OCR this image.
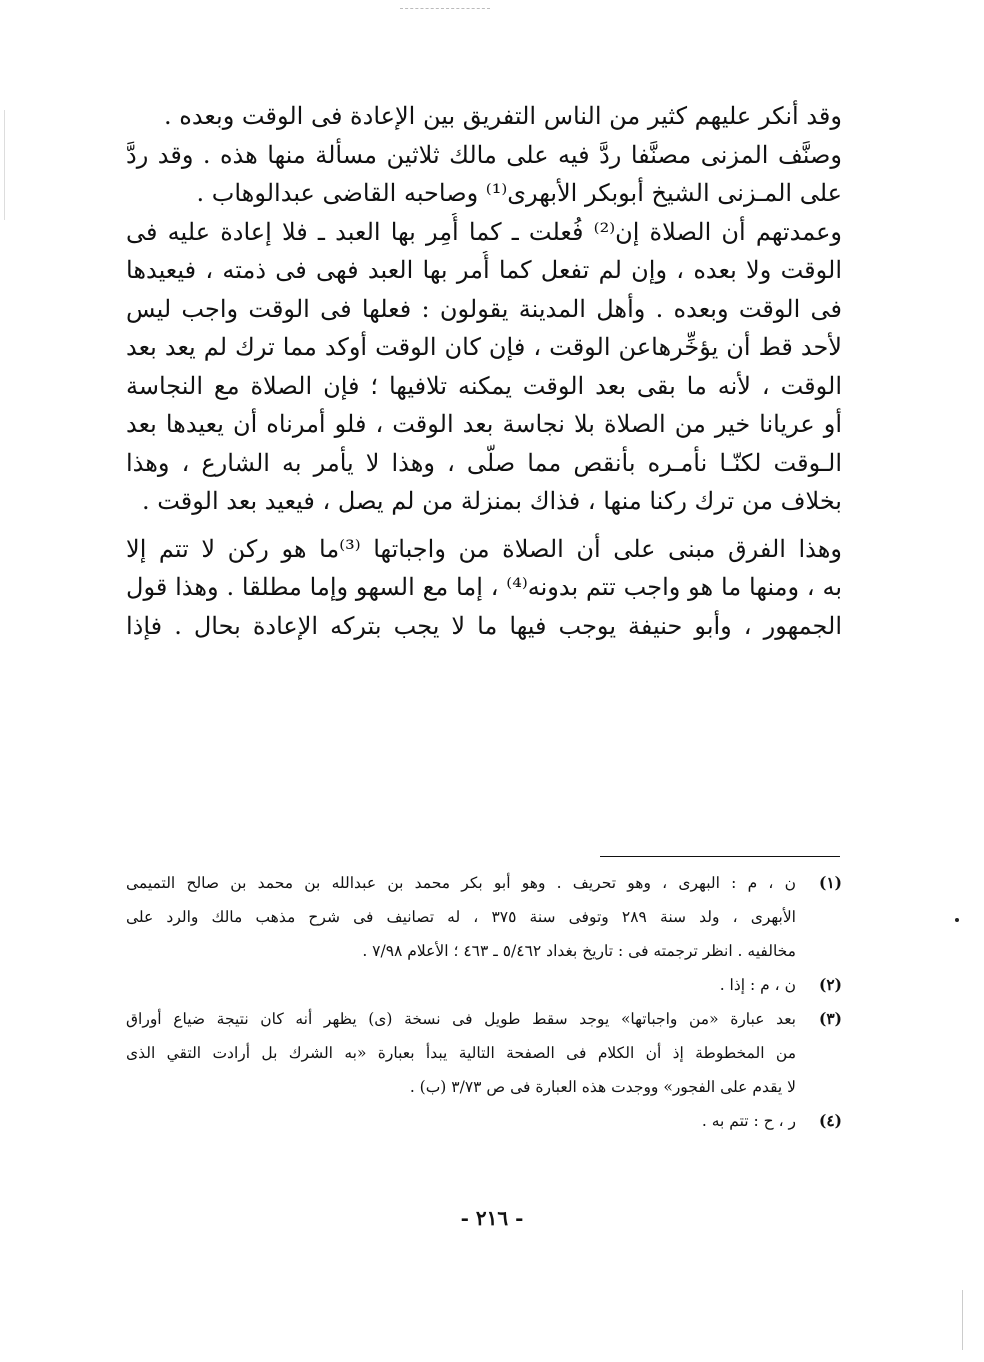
وقد أنكر عليهم كثير من الناس التفريق بين الإعادة فى الوقت وبعده .
وصنَّف المزنى مصنَّفا ردَّ فيه على مالك ثلاثين مسألة منها هذه . وقد ردَّ
على المـزنى الشيخ أبوبكر الأبهرى⁽¹⁾ وصاحبه القاضى عبدالوهاب .
وعمدتهم أن الصلاة إن⁽²⁾ فُعلت ـ كما أُمِر بها العبد ـ فلا إعادة عليه فى
الوقت ولا بعده ، وإن لم تفعل كما أُمر بها العبد فهى فى ذمته ، فيعيدها
فى الوقت وبعده . وأهل المدينة يقولون : فعلها فى الوقت واجب ليس
لأحد قط أن يؤخِّرهاعن الوقت ، فإن كان الوقت أوكد مما ترك لم يعد بعد
الوقت ، لأنه ما بقى بعد الوقت يمكنه تلافيها ؛ فإن الصلاة مع النجاسة
أو عريانا خير من الصلاة بلا نجاسة بعد الوقت ، فلو أمرناه أن يعيدها بعد
الـوقت لكنّـا نأمـره بأنقص مما صلّى ، وهذا لا يأمر به الشارع ، وهذا
بخلاف من ترك ركنا منها ، فذاك بمنزلة من لم يصل ، فيعيد بعد الوقت .
وهذا الفرق مبنى على أن الصلاة من واجباتها ⁽³⁾ما هو ركن لا تتم إلا
به ، ومنها ما هو واجب تتم بدونه⁽⁴⁾ ، إما مع السهو وإما مطلقا . وهذا قول
الجمهور ، وأبو حنيفة يوجب فيها ما لا يجب بتركه الإعادة بحال . فإذا
(١)
ن ، م : البهرى ، وهو تحريف . وهو أبو بكر محمد بن عبدالله بن محمد بن صالح التميمى
الأبهرى ، ولد سنة ٢٨٩ وتوفى سنة ٣٧٥ ، له تصانيف فى شرح مذهب مالك والرد على
مخالفيه . انظر ترجمته فى : تاريخ بغداد ٥/٤٦٢ ـ ٤٦٣ ؛ الأعلام ٧/٩٨ .
(٢)
ن ، م : إذا .
(٣)
بعد عبارة «من واجباتها» يوجد سقط طويل فى نسخة (ى) يظهر أنه كان نتيجة ضياع أوراق
من المخطوطة إذ أن الكلام فى الصفحة التالية يبدأ بعبارة «به الشرك بل أرادت التقي الذى
لا يقدم على الفجور» ووجدت هذه العبارة فى ص ٣/٧٣ (ب) .
(٤)
ر ، ح : تتم به .
- ٢١٦ -
